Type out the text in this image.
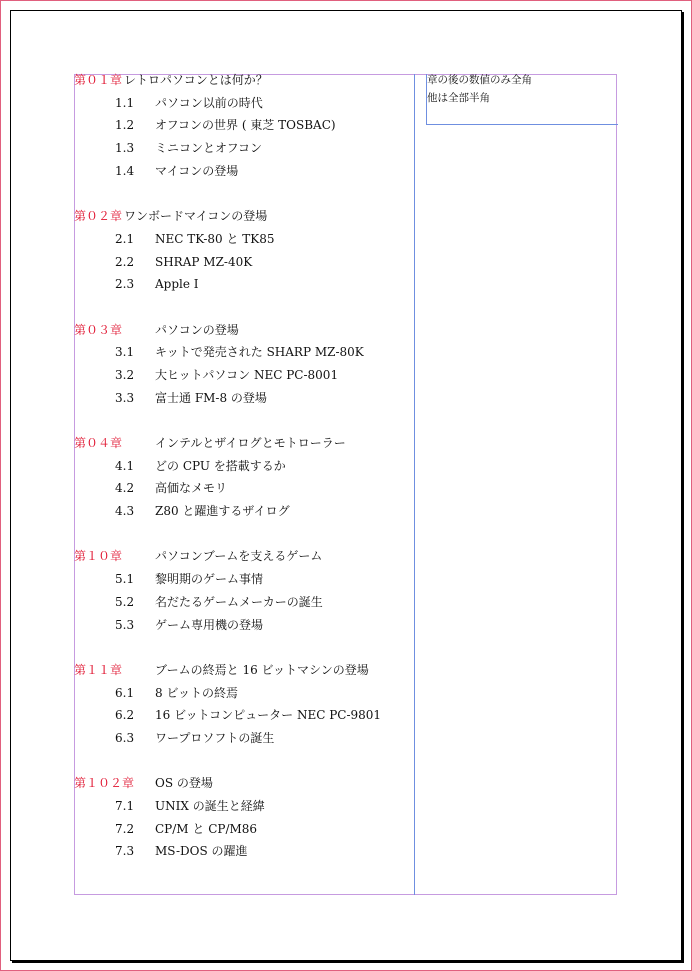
章の後の数値のみ全角
他は全部半角
第０１章 レトロパソコンとは何か？
1.1 パソコン以前の時代
1.2 オフコンの世界 ( 東芝 TOSBAC)
1.3 ミニコンとオフコン
1.4 マイコンの登場
第０２章 ワンボードマイコンの登場
2.1 NEC TK-80 と TK85
2.2 SHRAP MZ-40K
2.3 Apple I
第０３章	パソコンの登場
3.1 キットで発売された SHARP MZ-80K
3.2 大ヒットパソコン NEC PC-8001
3.3 富士通 FM-8 の登場
第０４章	インテルとザイログとモトローラー
4.1 どの CPU を搭載するか
4.2 高価なメモリ
4.3 Z80 と躍進するザイログ
第１０章	パソコンブームを支えるゲーム
5.1 黎明期のゲーム事情
5.2 名だたるゲームメーカーの誕生
5.3 ゲーム専用機の登場
第１１章	ブームの終焉と 16 ビットマシンの登場
6.1 8 ビットの終焉
6.2 16 ビットコンピューター NEC PC-9801
6.3 ワープロソフトの誕生
第１０２章 OS の登場
7.1 UNIX の誕生と経緯
7.2 CP/M と CP/M86
7.3 MS-DOS の躍進
